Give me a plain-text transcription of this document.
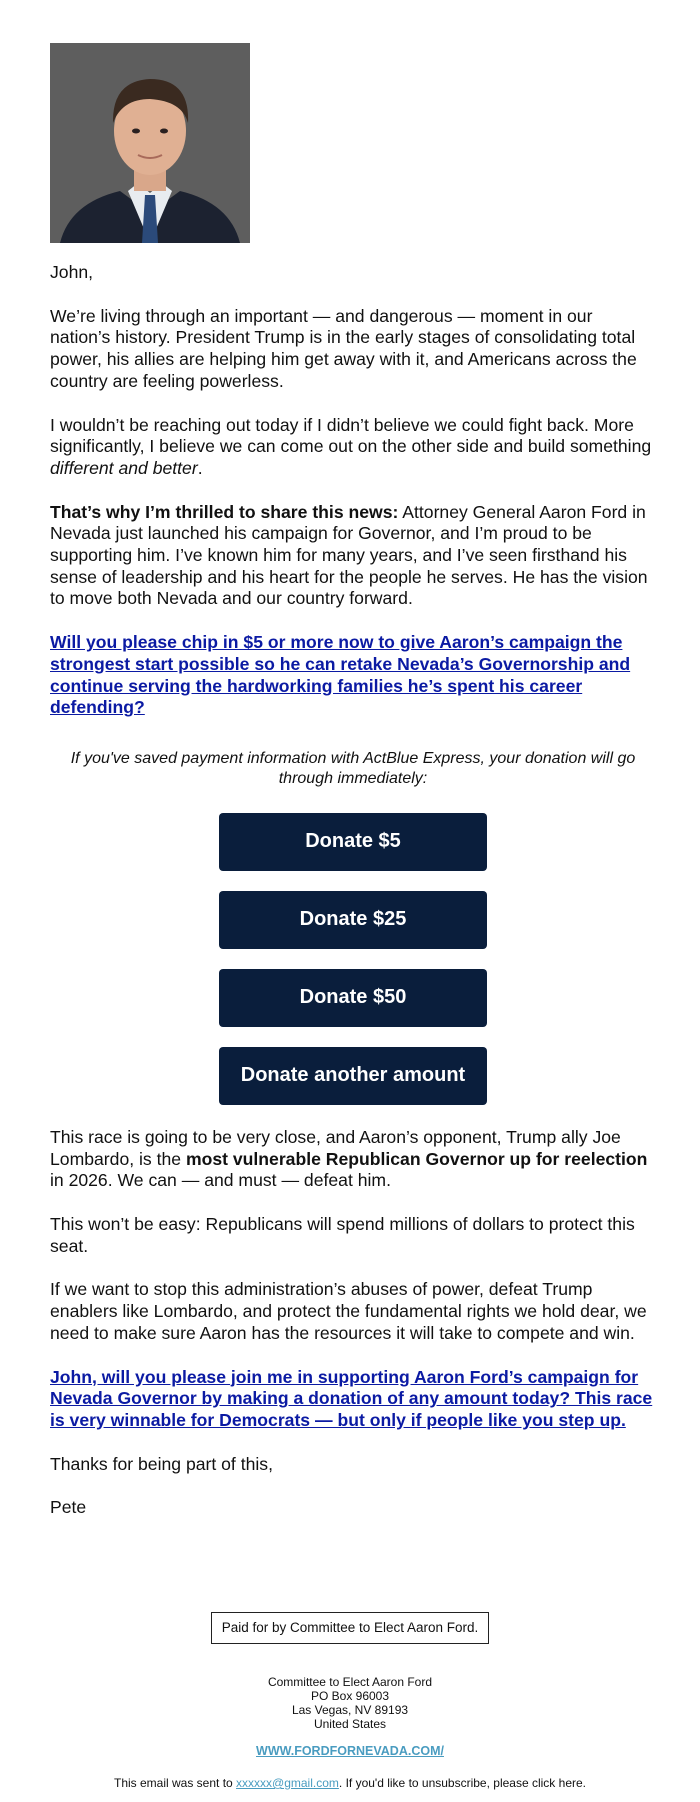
John,

We’re living through an important — and dangerous — moment in our nation’s history. President Trump is in the early stages of consolidating total power, his allies are helping him get away with it, and Americans across the country are feeling powerless.

I wouldn’t be reaching out today if I didn’t believe we could fight back. More significantly, I believe we can come out on the other side and build something different and better.

That’s why I’m thrilled to share this news: Attorney General Aaron Ford in Nevada just launched his campaign for Governor, and I’m proud to be supporting him. I’ve known him for many years, and I’ve seen firsthand his sense of leadership and his heart for the people he serves. He has the vision to move both Nevada and our country forward.

Will you please chip in $5 or more now to give Aaron’s campaign the strongest start possible so he can retake Nevada’s Governorship and continue serving the hardworking families he’s spent his career defending?

If you've saved payment information with ActBlue Express, your donation will go through immediately:

Donate $5
Donate $25
Donate $50
Donate another amount

This race is going to be very close, and Aaron’s opponent, Trump ally Joe Lombardo, is the most vulnerable Republican Governor up for reelection in 2026. We can — and must — defeat him.

This won’t be easy: Republicans will spend millions of dollars to protect this seat.

If we want to stop this administration’s abuses of power, defeat Trump enablers like Lombardo, and protect the fundamental rights we hold dear, we need to make sure Aaron has the resources it will take to compete and win.

John, will you please join me in supporting Aaron Ford’s campaign for Nevada Governor by making a donation of any amount today? This race is very winnable for Democrats — but only if people like you step up.

Thanks for being part of this,

Pete

Paid for by Committee to Elect Aaron Ford.
Committee to Elect Aaron Ford
PO Box 96003
Las Vegas, NV 89193
United States
WWW.FORDFORNEVADA.COM/
This email was sent to xxxxxx@gmail.com. If you'd like to unsubscribe, please click here.
